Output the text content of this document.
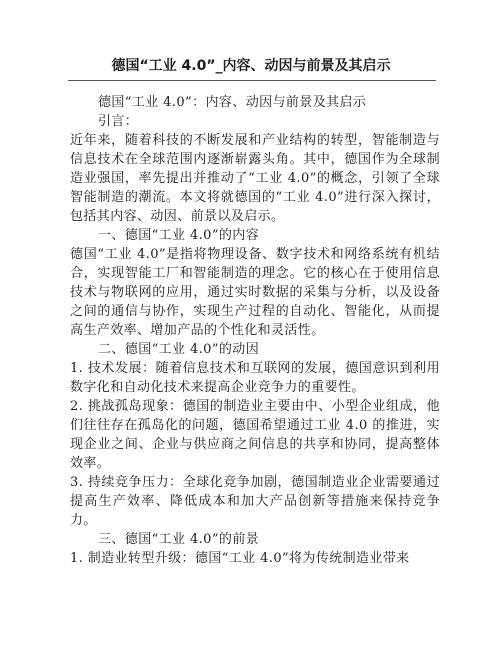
德国“工业 4.0”_内容、动因与前景及其启示

德国“工业 4.0”：内容、动因与前景及其启示

引言：

近年来，随着科技的不断发展和产业结构的转型，智能制造与信息技术在全球范围内逐渐崭露头角。其中，德国作为全球制造业强国，率先提出并推动了“工业 4.0”的概念，引领了全球智能制造的潮流。本文将就德国的“工业 4.0”进行深入探讨，包括其内容、动因、前景以及启示。

一、德国“工业 4.0”的内容

德国“工业 4.0”是指将物理设备、数字技术和网络系统有机结合，实现智能工厂和智能制造的理念。它的核心在于使用信息技术与物联网的应用，通过实时数据的采集与分析，以及设备之间的通信与协作，实现生产过程的自动化、智能化，从而提高生产效率、增加产品的个性化和灵活性。

二、德国“工业 4.0”的动因

1. 技术发展：随着信息技术和互联网的发展，德国意识到利用数字化和自动化技术来提高企业竞争力的重要性。

2. 挑战孤岛现象：德国的制造业主要由中、小型企业组成，他们往往存在孤岛化的问题，德国希望通过工业 4.0 的推进，实现企业之间、企业与供应商之间信息的共享和协同，提高整体效率。

3. 持续竞争压力：全球化竞争加剧，德国制造业企业需要通过提高生产效率、降低成本和加大产品创新等措施来保持竞争力。

三、德国“工业 4.0”的前景

1. 制造业转型升级：德国“工业 4.0”将为传统制造业带来
